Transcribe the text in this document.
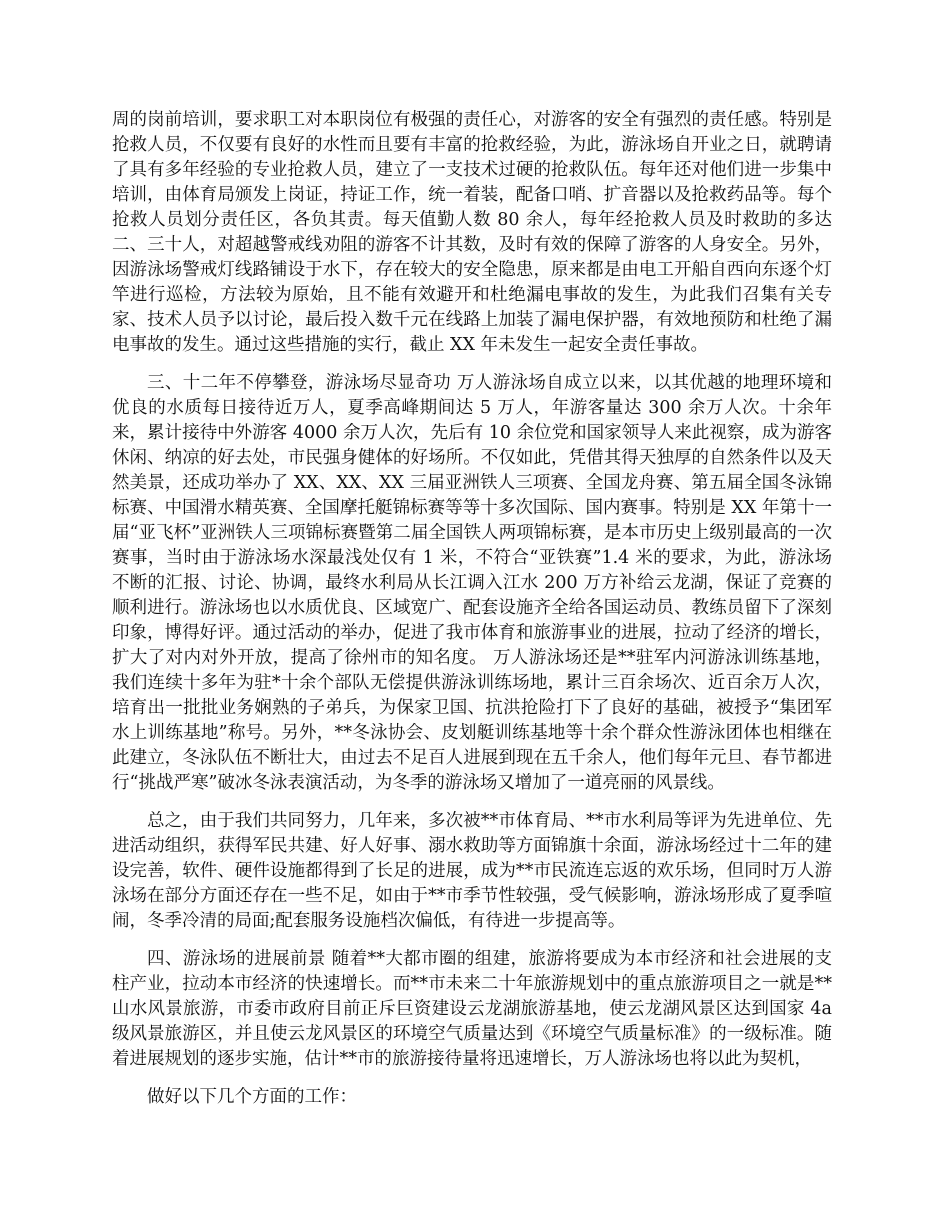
周的岗前培训，要求职工对本职岗位有极强的责任心，对游客的安全有强烈的责任感。特别是抢救人员，不仅要有良好的水性而且要有丰富的抢救经验，为此，游泳场自开业之日，就聘请了具有多年经验的专业抢救人员，建立了一支技术过硬的抢救队伍。每年还对他们进一步集中培训，由体育局颁发上岗证，持证工作，统一着装，配备口哨、扩音器以及抢救药品等。每个抢救人员划分责任区，各负其责。每天值勤人数 80 余人，每年经抢救人员及时救助的多达二、三十人，对超越警戒线劝阻的游客不计其数，及时有效的保障了游客的人身安全。另外，因游泳场警戒灯线路铺设于水下，存在较大的安全隐患，原来都是由电工开船自西向东逐个灯竿进行巡检，方法较为原始，且不能有效避开和杜绝漏电事故的发生，为此我们召集有关专家、技术人员予以讨论，最后投入数千元在线路上加装了漏电保护器，有效地预防和杜绝了漏电事故的发生。通过这些措施的实行，截止 XX 年未发生一起安全责任事故。

三、十二年不停攀登，游泳场尽显奇功 万人游泳场自成立以来，以其优越的地理环境和优良的水质每日接待近万人，夏季高峰期间达 5 万人，年游客量达 300 余万人次。十余年来，累计接待中外游客 4000 余万人次，先后有 10 余位党和国家领导人来此视察，成为游客休闲、纳凉的好去处，市民强身健体的好场所。不仅如此，凭借其得天独厚的自然条件以及天然美景，还成功举办了 XX、XX、XX 三届亚洲铁人三项赛、全国龙舟赛、第五届全国冬泳锦标赛、中国滑水精英赛、全国摩托艇锦标赛等等十多次国际、国内赛事。特别是 XX 年第十一届“亚飞杯”亚洲铁人三项锦标赛暨第二届全国铁人两项锦标赛，是本市历史上级别最高的一次赛事，当时由于游泳场水深最浅处仅有 1 米，不符合“亚铁赛”1.4 米的要求，为此，游泳场不断的汇报、讨论、协调，最终水利局从长江调入江水 200 万方补给云龙湖，保证了竞赛的顺利进行。游泳场也以水质优良、区域宽广、配套设施齐全给各国运动员、教练员留下了深刻印象，博得好评。通过活动的举办，促进了我市体育和旅游事业的进展，拉动了经济的增长，扩大了对内对外开放，提高了徐州市的知名度。 万人游泳场还是**驻军内河游泳训练基地，我们连续十多年为驻*十余个部队无偿提供游泳训练场地，累计三百余场次、近百余万人次，培育出一批批业务娴熟的子弟兵，为保家卫国、抗洪抢险打下了良好的基础，被授予“集团军水上训练基地”称号。另外，**冬泳协会、皮划艇训练基地等十余个群众性游泳团体也相继在此建立，冬泳队伍不断壮大，由过去不足百人进展到现在五千余人，他们每年元旦、春节都进行“挑战严寒”破冰冬泳表演活动，为冬季的游泳场又增加了一道亮丽的风景线。

总之，由于我们共同努力，几年来，多次被**市体育局、**市水利局等评为先进单位、先进活动组织，获得军民共建、好人好事、溺水救助等方面锦旗十余面，游泳场经过十二年的建设完善，软件、硬件设施都得到了长足的进展，成为**市民流连忘返的欢乐场，但同时万人游泳场在部分方面还存在一些不足，如由于**市季节性较强，受气候影响，游泳场形成了夏季喧闹，冬季冷清的局面;配套服务设施档次偏低，有待进一步提高等。

四、游泳场的进展前景 随着**大都市圈的组建，旅游将要成为本市经济和社会进展的支柱产业，拉动本市经济的快速增长。而**市未来二十年旅游规划中的重点旅游项目之一就是**山水风景旅游，市委市政府目前正斥巨资建设云龙湖旅游基地，使云龙湖风景区达到国家 4a 级风景旅游区，并且使云龙风景区的环境空气质量达到《环境空气质量标准》的一级标准。随着进展规划的逐步实施，估计**市的旅游接待量将迅速增长，万人游泳场也将以此为契机，

做好以下几个方面的工作：
